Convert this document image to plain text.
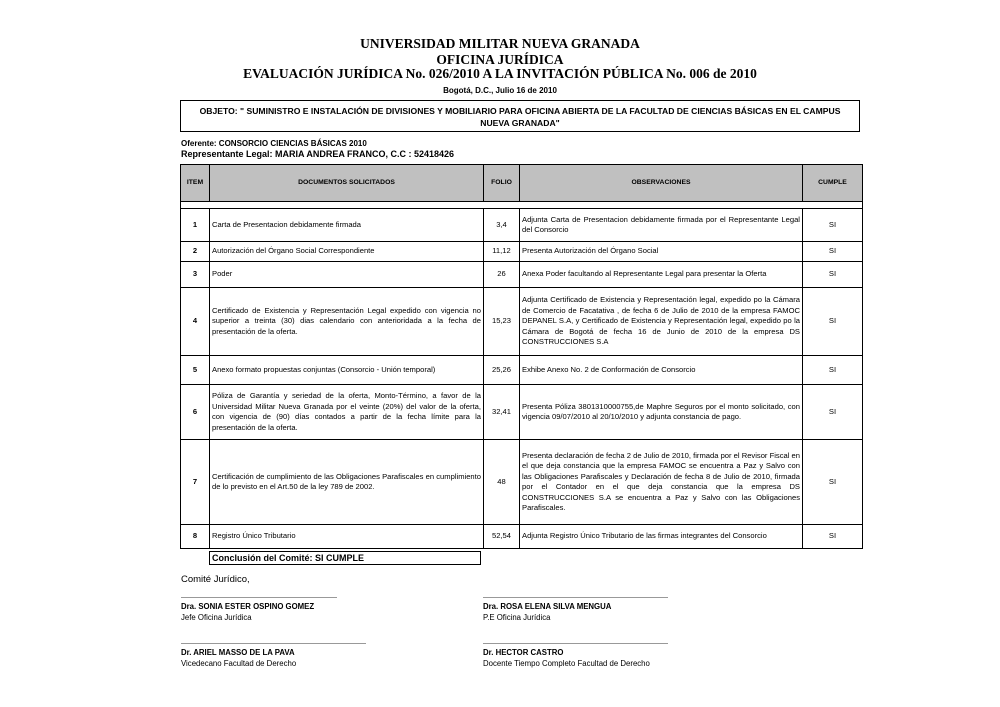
UNIVERSIDAD MILITAR NUEVA GRANADA
OFICINA JURÍDICA
EVALUACIÓN JURÍDICA No. 026/2010 A LA INVITACIÓN PÚBLICA No. 006 de 2010
Bogotá, D.C., Julio 16 de 2010
OBJETO: " SUMINISTRO E INSTALACIÓN DE DIVISIONES Y MOBILIARIO PARA OFICINA ABIERTA DE LA FACULTAD DE CIENCIAS BÁSICAS EN EL CAMPUS NUEVA GRANADA"
Oferente: CONSORCIO CIENCIAS BÁSICAS 2010
Representante Legal: MARIA ANDREA FRANCO, C.C : 52418426
ITEM	DOCUMENTOS SOLICITADOS	FOLIO	OBSERVACIONES	CUMPLE

1	Carta de Presentacion debidamente firmada	3,4	Adjunta Carta de Presentacion debidamente firmada por el Representante Legal del Consorcio	SI
2	Autorización del Órgano Social Correspondiente	11,12	Presenta Autorización del Órgano Social	SI
3	Poder	26	Anexa Poder facultando al Representante Legal para presentar la Oferta	SI
4	Certificado de Existencia y Representación Legal expedido con vigencia no superior a treinta (30) dias calendario con anterioridada a la fecha de presentación de la oferta.	15,23	Adjunta Certificado de Existencia y Representación legal, expedido po la Cámara de Comercio de Facatativa , de fecha 6 de Julio de 2010 de la empresa FAMOC DEPANEL S.A, y Certificado de Existencia y Representación legal, expedido po la Cámara de Bogotá de fecha 16 de Junio de 2010 de la empresa DS CONSTRUCCIONES S.A	SI
5	Anexo formato propuestas conjuntas (Consorcio - Unión temporal)	25,26	Exhibe Anexo No. 2 de Conformación de Consorcio	SI
6	Póliza de Garantía y seriedad de la oferta, Monto-Término, a favor de la Universidad Militar Nueva Granada por el veinte (20%) del valor de la oferta, con vigencia de (90) días contados a partir de la fecha límite para la presentación de la oferta.	32,41	Presenta Póliza 3801310000755,de Maphre Seguros por el monto solicitado, con vigencia 09/07/2010 al 20/10/2010 y adjunta constancia de pago.	SI
7	Certificación de cumplimiento de las Obligaciones Parafiscales en cumplimiento de lo previsto en el Art.50 de la ley 789 de 2002.	48	Presenta declaración de fecha 2 de Julio de 2010, firmada por el Revisor Fiscal en el que deja constancia que la empresa FAMOC se encuentra a Paz y Salvo con las Obligaciones Parafiscales y Declaración de fecha 8 de Julio de 2010, firmada por el Contador en el que deja constancia que la empresa DS CONSTRUCCIONES S.A se encuentra a Paz y Salvo con las Obligaciones Parafiscales.	SI
8	Registro Único Tributario	52,54	Adjunta Registro Único Tributario de las firmas integrantes del Consorcio	SI
Conclusión del Comité: SI CUMPLE
Comité Jurídico,
Dra. SONIA ESTER OSPINO GOMEZ
Jefe Oficina Jurídica
Dra. ROSA ELENA SILVA MENGUA
P.E Oficina Jurídica
Dr. ARIEL MASSO DE LA PAVA
Vicedecano Facultad de Derecho
Dr. HECTOR CASTRO
Docente Tiempo Completo Facultad de Derecho
